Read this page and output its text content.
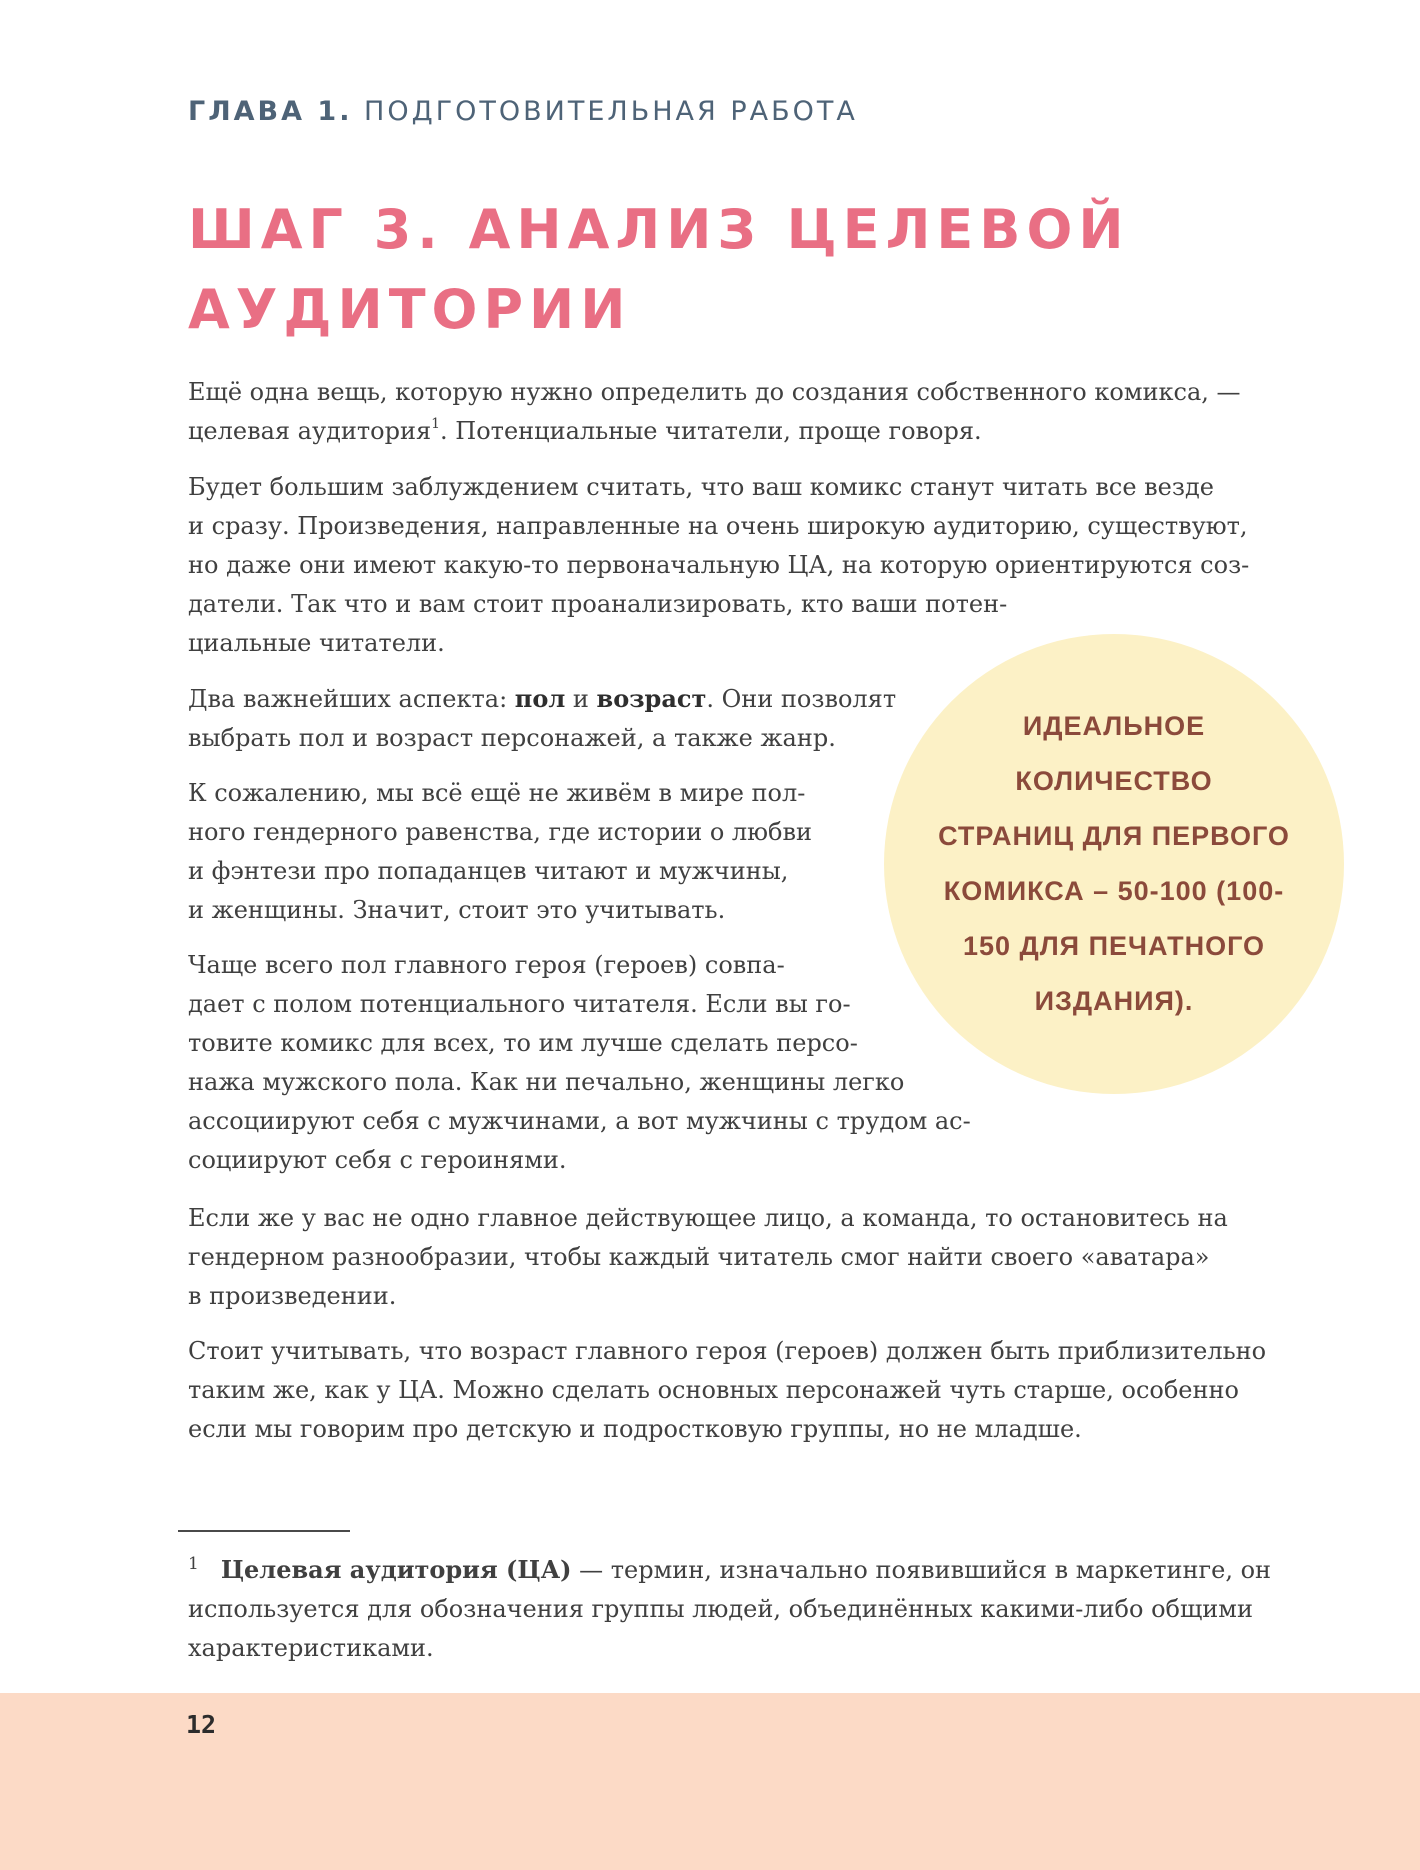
ГЛАВА 1. ПОДГОТОВИТЕЛЬНАЯ РАБОТА
ШАГ 3. АНАЛИЗ ЦЕЛЕВОЙ
АУДИТОРИИ

Ещё одна вещь, которую нужно определить до создания собственного комикса, —
целевая аудитория$^1$. Потенциальные читатели, проще говоря.

Будет большим заблуждением считать, что ваш комикс станут читать все везде
и сразу. Произведения, направленные на очень широкую аудиторию, существуют,
но даже они имеют какую-то первоначальную ЦА, на которую ориентируются соз-
датели. Так что и вам стоит проанализировать, кто ваши потен-
циальные читатели.

Два важнейших аспекта: пол и возраст. Они позволят
выбрать пол и возраст персонажей, а также жанр.

К сожалению, мы всё ещё не живём в мире пол-
ного гендерного равенства, где истории о любви
и фэнтези про попаданцев читают и мужчины,
и женщины. Значит, стоит это учитывать.

Чаще всего пол главного героя (героев) совпа-
дает с полом потенциального читателя. Если вы го-
товите комикс для всех, то им лучше сделать персо-
нажа мужского пола. Как ни печально, женщины легко
ассоциируют себя с мужчинами, а вот мужчины с трудом ас-
социируют себя с героинями.

Если же у вас не одно главное действующее лицо, а команда, то остановитесь на
гендерном разнообразии, чтобы каждый читатель смог найти своего «аватара»
в произведении.

Стоит учитывать, что возраст главного героя (героев) должен быть приблизительно
таким же, как у ЦА. Можно сделать основных персонажей чуть старше, особенно
если мы говорим про детскую и подростковую группы, но не младше.

ИДЕАЛЬНОЕ
КОЛИЧЕСТВО
СТРАНИЦ ДЛЯ ПЕРВОГО
КОМИКСА – 50-100 (100-
150 ДЛЯ ПЕЧАТНОГО
ИЗДАНИЯ).

$^1$ Целевая аудитория (ЦА) — термин, изначально появившийся в маркетинге, он
используется для обозначения группы людей, объединённых какими-либо общими
характеристиками.

12
